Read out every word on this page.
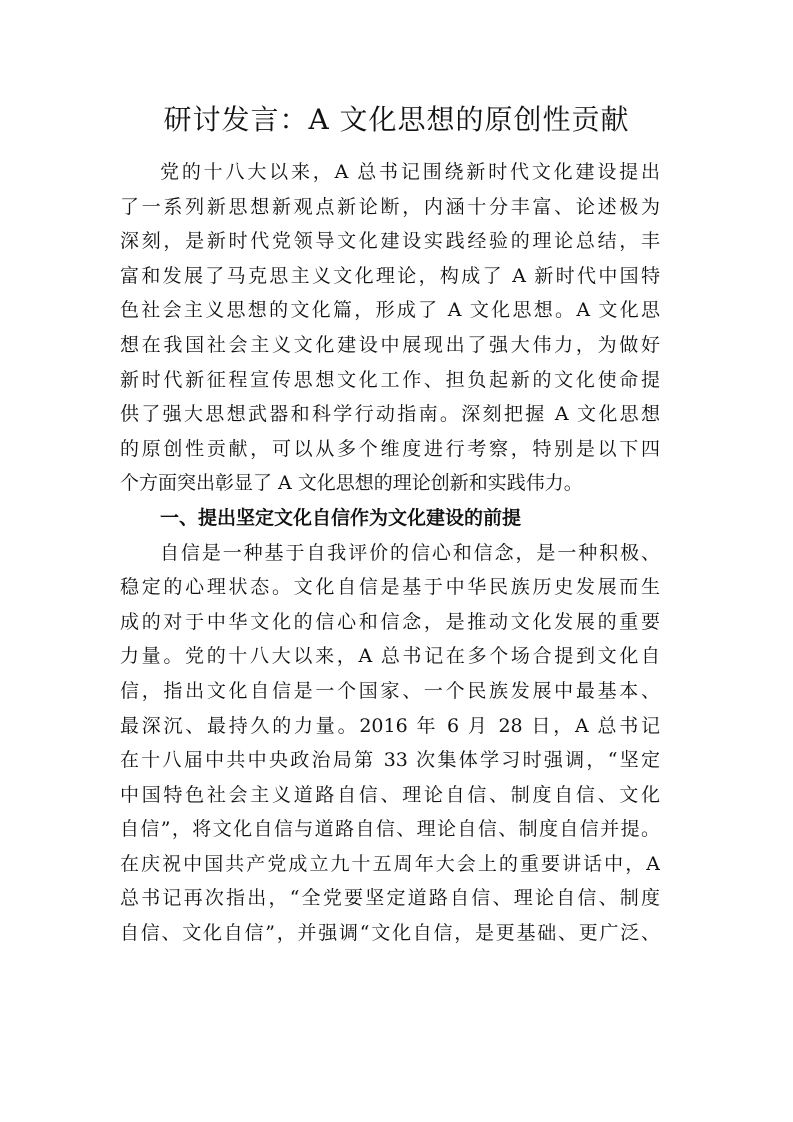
研讨发言：A 文化思想的原创性贡献
党的十八大以来，A 总书记围绕新时代文化建设提出
了一系列新思想新观点新论断，内涵十分丰富、论述极为
深刻，是新时代党领导文化建设实践经验的理论总结，丰
富和发展了马克思主义文化理论，构成了 A 新时代中国特
色社会主义思想的文化篇，形成了 A 文化思想。A 文化思
想在我国社会主义文化建设中展现出了强大伟力，为做好
新时代新征程宣传思想文化工作、担负起新的文化使命提
供了强大思想武器和科学行动指南。深刻把握 A 文化思想
的原创性贡献，可以从多个维度进行考察，特别是以下四
个方面突出彰显了 A 文化思想的理论创新和实践伟力。
一、提出坚定文化自信作为文化建设的前提
自信是一种基于自我评价的信心和信念，是一种积极、
稳定的心理状态。文化自信是基于中华民族历史发展而生
成的对于中华文化的信心和信念，是推动文化发展的重要
力量。党的十八大以来，A 总书记在多个场合提到文化自
信，指出文化自信是一个国家、一个民族发展中最基本、
最深沉、最持久的力量。2016 年 6 月 28 日，A 总书记
在十八届中共中央政治局第 33 次集体学习时强调，“坚定
中国特色社会主义道路自信、理论自信、制度自信、文化
自信”，将文化自信与道路自信、理论自信、制度自信并提。
在庆祝中国共产党成立九十五周年大会上的重要讲话中，A
总书记再次指出，“全党要坚定道路自信、理论自信、制度
自信、文化自信”，并强调“文化自信，是更基础、更广泛、
